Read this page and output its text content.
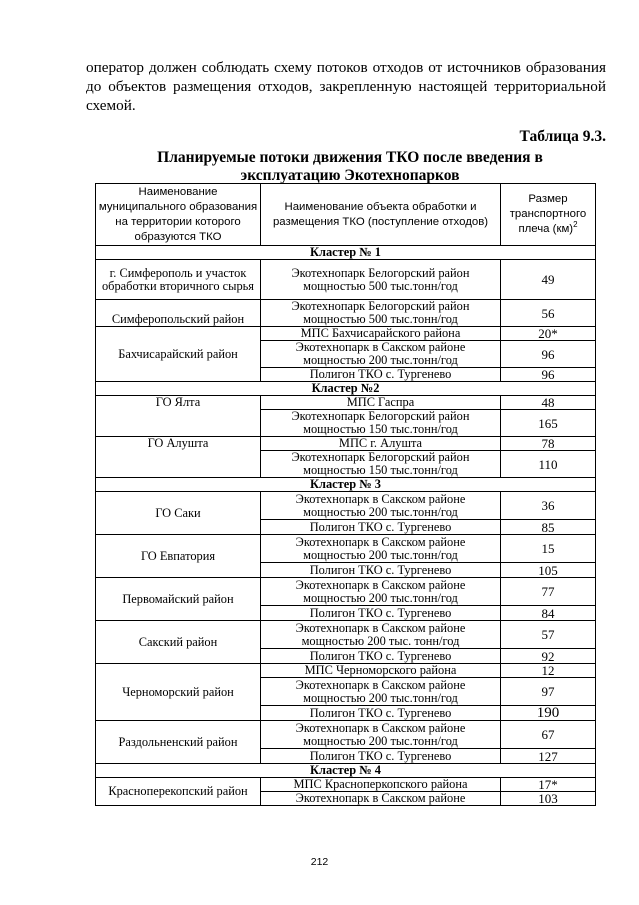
оператор должен соблюдать схему потоков отходов от источников образования
до объектов размещения отходов, закрепленную настоящей территориальной
схемой.
Таблица 9.3.
Планируемые потоки движения ТКО после введения в
эксплуатацию Экотехнопарков
Наименование муниципального образования на территории которого образуются ТКО	Наименование объекта обработки и размещения ТКО (поступление отходов)	Размер транспортного плеча (км)$^2$
Кластер № 1		
г. Симферополь и участок обработки вторичного сырья	Экотехнопарк Белогорский район мощностью 500 тыс.тонн/год	49
Симферопольский район	Экотехнопарк Белогорский район мощностью 500 тыс.тонн/год	56
Бахчисарайский район	МПС Бахчисарайского района	20*
	Экотехнопарк в Сакском районе мощностью 200 тыс.тонн/год	96
	Полигон ТКО с. Тургенево	96
Кластер №2		
ГО Ялта	МПС Гаспра	48
	Экотехнопарк Белогорский район мощностью 150 тыс.тонн/год	165
ГО Алушта	МПС г. Алушта	78
	Экотехнопарк Белогорский район мощностью 150 тыс.тонн/год	110
Кластер № 3		
ГО Саки	Экотехнопарк в Сакском районе мощностью 200 тыс.тонн/год	36
	Полигон ТКО с. Тургенево	85
ГО Евпатория	Экотехнопарк в Сакском районе мощностью 200 тыс.тонн/год	15
	Полигон ТКО с. Тургенево	105
Первомайский район	Экотехнопарк в Сакском районе мощностью 200 тыс.тонн/год	77
	Полигон ТКО с. Тургенево	84
Сакский район	Экотехнопарк в Сакском районе мощностью 200 тыс. тонн/год	57
	Полигон ТКО с. Тургенево	92
Черноморский район	МПС Черноморского района	12
	Экотехнопарк в Сакском районе мощностью 200 тыс.тонн/год	97
	Полигон ТКО с. Тургенево	190
Раздольненский район	Экотехнопарк в Сакском районе мощностью 200 тыс.тонн/год	67
	Полигон ТКО с. Тургенево	127
Кластер № 4		
Красноперекопский район	МПС Красноперкопского района	17*
	Экотехнопарк в Сакском районе	103
212
